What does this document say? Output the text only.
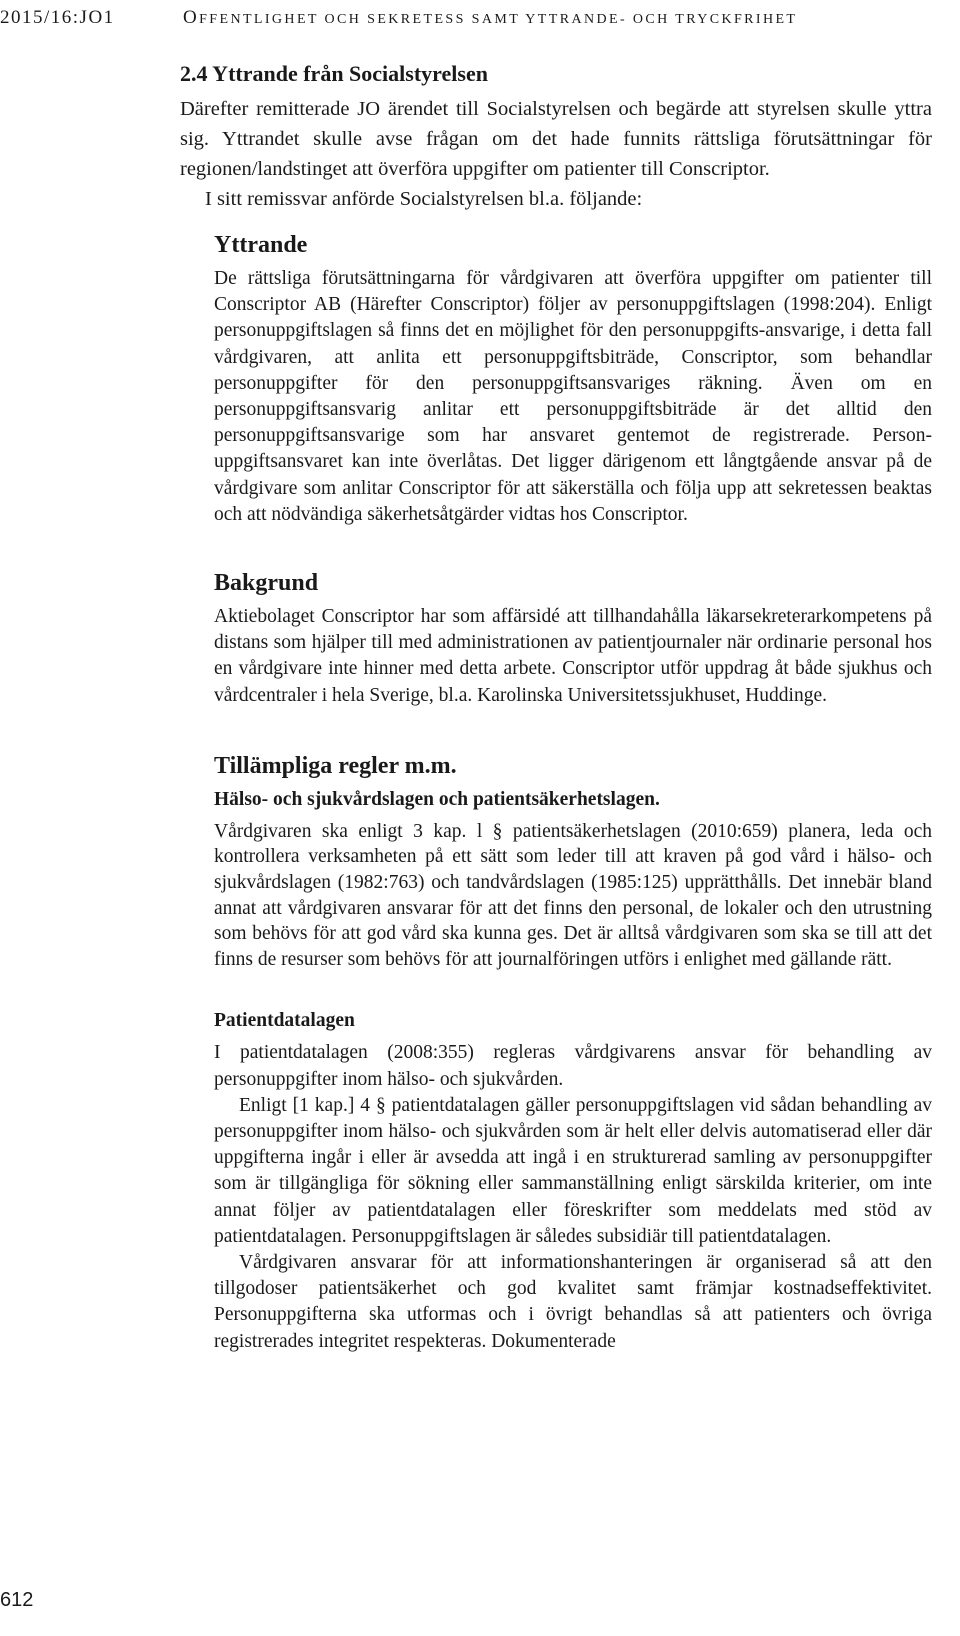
2015/16:JO1	OFFENTLIGHET OCH SEKRETESS SAMT YTTRANDE- OCH TRYCKFRIHET
2.4 Yttrande från Socialstyrelsen

Därefter remitterade JO ärendet till Socialstyrelsen och begärde att styrelsen skulle yttra sig. Yttrandet skulle avse frågan om det hade funnits rättsliga förutsättningar för regionen/landstinget att överföra uppgifter om patienter till Conscriptor.

I sitt remissvar anförde Socialstyrelsen bl.a. följande:

Yttrande

De rättsliga förutsättningarna för vårdgivaren att överföra uppgifter om patienter till Conscriptor AB (Härefter Conscriptor) följer av personuppgiftslagen (1998:204). Enligt personuppgiftslagen så finns det en möjlighet för den personuppgifts-ansvarige, i detta fall vårdgivaren, att anlita ett personuppgiftsbiträde, Conscriptor, som behandlar personuppgifter för den personuppgiftsansvariges räkning. Även om en personuppgiftsansvarig anlitar ett personuppgiftsbiträde är det alltid den personuppgiftsansvarige som har ansvaret gentemot de registrerade. Person-uppgiftsansvaret kan inte överlåtas. Det ligger därigenom ett långtgående ansvar på de vårdgivare som anlitar Conscriptor för att säkerställa och följa upp att sekretessen beaktas och att nödvändiga säkerhetsåtgärder vidtas hos Conscriptor.

Bakgrund

Aktiebolaget Conscriptor har som affärsidé att tillhandahålla läkarsekreterarkompetens på distans som hjälper till med administrationen av patientjournaler när ordinarie personal hos en vårdgivare inte hinner med detta arbete. Conscriptor utför uppdrag åt både sjukhus och vårdcentraler i hela Sverige, bl.a. Karolinska Universitetssjukhuset, Huddinge.

Tillämpliga regler m.m.
Hälso- och sjukvårdslagen och patientsäkerhetslagen.

Vårdgivaren ska enligt 3 kap. l § patientsäkerhetslagen (2010:659) planera, leda och kontrollera verksamheten på ett sätt som leder till att kraven på god vård i hälso- och sjukvårdslagen (1982:763) och tandvårdslagen (1985:125) upprätthålls. Det innebär bland annat att vårdgivaren ansvarar för att det finns den personal, de lokaler och den utrustning som behövs för att god vård ska kunna ges. Det är alltså vårdgivaren som ska se till att det finns de resurser som behövs för att journalföringen utförs i enlighet med gällande rätt.

Patientdatalagen

I patientdatalagen (2008:355) regleras vårdgivarens ansvar för behandling av personuppgifter inom hälso- och sjukvården.

Enligt [1 kap.] 4 § patientdatalagen gäller personuppgiftslagen vid sådan behandling av personuppgifter inom hälso- och sjukvården som är helt eller delvis automatiserad eller där uppgifterna ingår i eller är avsedda att ingå i en strukturerad samling av personuppgifter som är tillgängliga för sökning eller sammanställning enligt särskilda kriterier, om inte annat följer av patientdatalagen eller föreskrifter som meddelats med stöd av patientdatalagen. Personuppgiftslagen är således subsidiär till patientdatalagen.

Vårdgivaren ansvarar för att informationshanteringen är organiserad så att den tillgodoser patientsäkerhet och god kvalitet samt främjar kostnadseffektivitet. Personuppgifterna ska utformas och i övrigt behandlas så att patienters och övriga registrerades integritet respekteras. Dokumenterade

612
